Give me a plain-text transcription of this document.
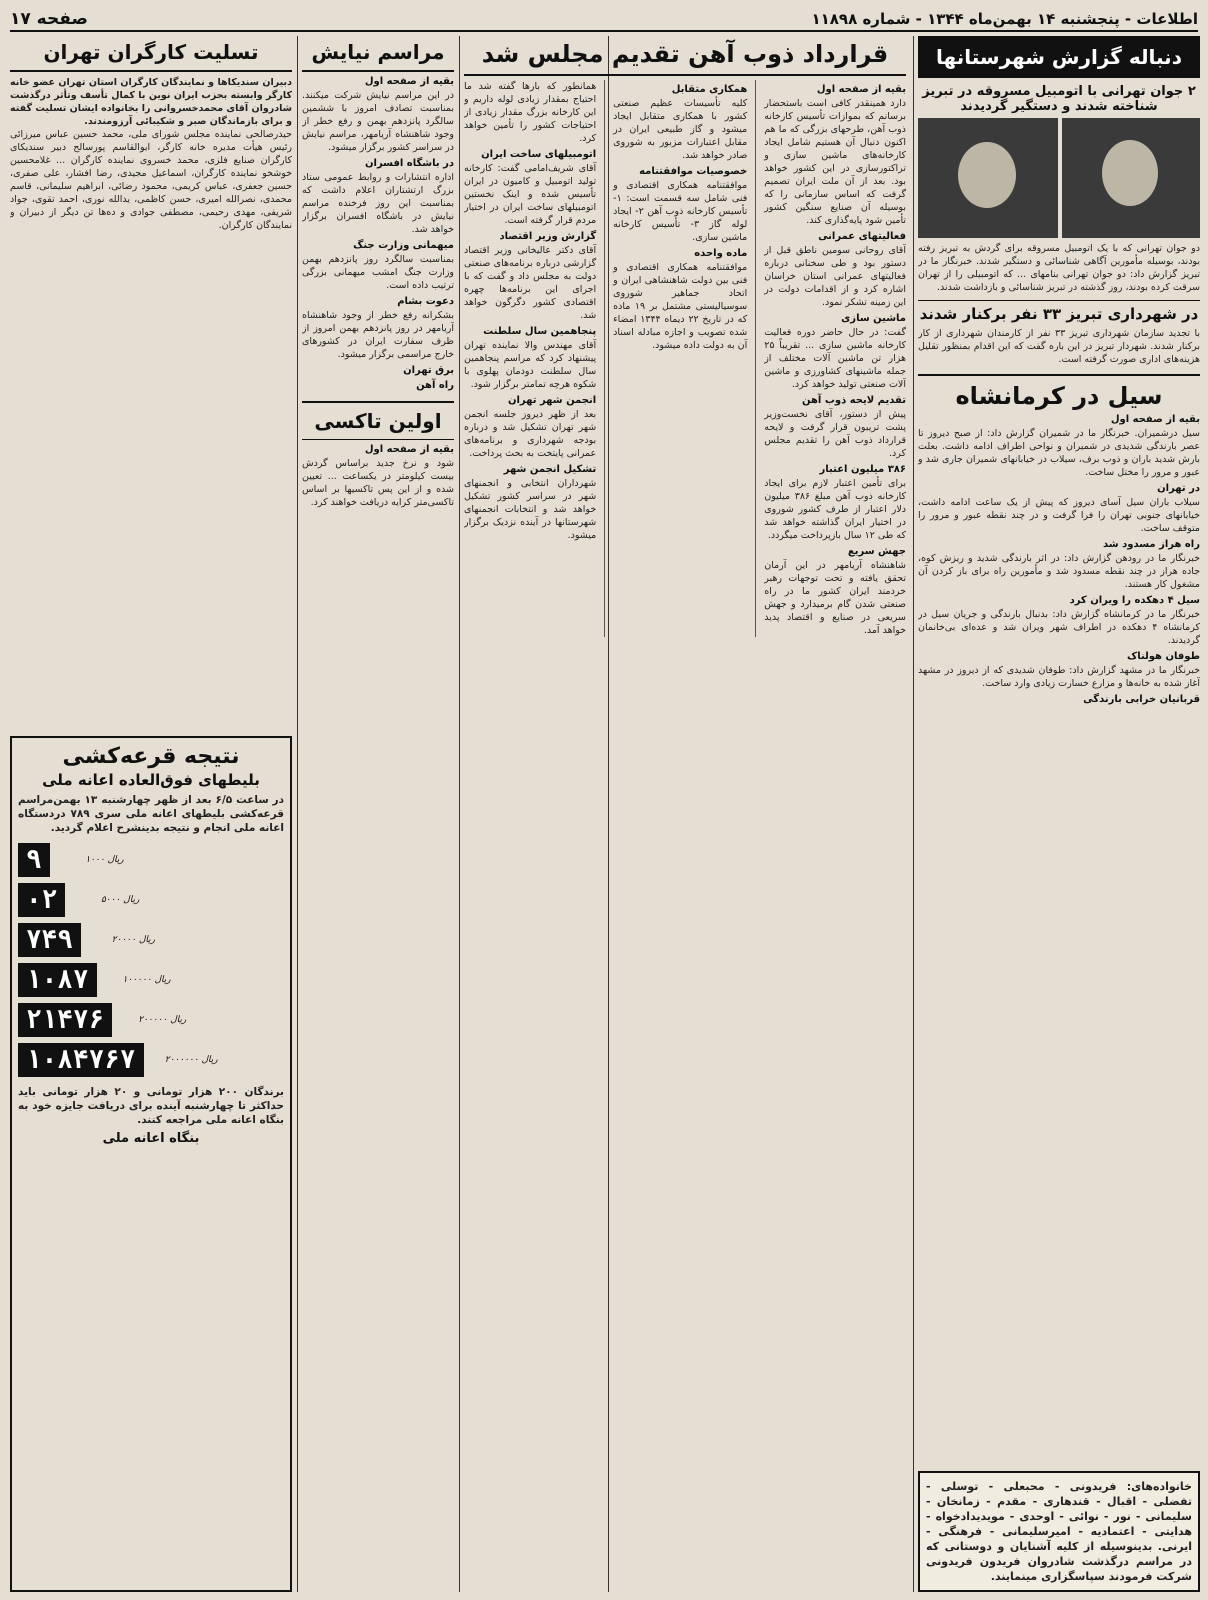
اطلاعات - پنجشنبه ۱۴ بهمن‌ماه ۱۳۴۴ - شماره ۱۱۸۹۸
صفحه ۱۷
دنباله گزارش شهرستانها
۲ جوان تهرانی با اتومبیل مسروقه در تبریز شناخته شدند و دستگیر گردیدند
دو جوان تهرانی که با یک اتومبیل مسروقه برای گردش به تبریز رفته بودند، بوسیله مأمورین آگاهی شناسائی و دستگیر شدند. خبرنگار ما در تبریز گزارش داد: دو جوان تهرانی بنامهای ... که اتومبیلی را از تهران سرقت کرده بودند، روز گذشته در تبریز شناسائی و بازداشت شدند.
در شهرداری تبریز ۳۳ نفر برکنار شدند
با تجدید سازمان شهرداری تبریز ۳۳ نفر از کارمندان شهرداری از کار برکنار شدند. شهردار تبریز در این باره گفت که این اقدام بمنظور تقلیل هزینه‌های اداری صورت گرفته است.
سیل در کرمانشاه
بقیه از صفحه اول
سیل درشمیران. خبرنگار ما در شمیران گزارش داد: از صبح دیروز تا عصر بارندگی شدیدی در شمیران و نواحی اطراف ادامه داشت. بعلت بارش شدید باران و ذوب برف، سیلاب در خیابانهای شمیران جاری شد و عبور و مرور را مختل ساخت.
در تهران
سیلاب باران سیل آسای دیروز که پیش از یک ساعت ادامه داشت، خیابانهای جنوبی تهران را فرا گرفت و در چند نقطه عبور و مرور را متوقف ساخت.
راه هراز مسدود شد
خبرنگار ما در رودهن گزارش داد: در اثر بارندگی شدید و ریزش کوه، جاده هراز در چند نقطه مسدود شد و مأمورین راه برای باز کردن آن مشغول کار هستند.
سیل ۴ دهکده را ویران کرد
خبرنگار ما در کرمانشاه گزارش داد: بدنبال بارندگی و جریان سیل در کرمانشاه ۴ دهکده در اطراف شهر ویران شد و عده‌ای بی‌خانمان گردیدند.
طوفان هولناک
خبرنگار ما در مشهد گزارش داد: طوفان شدیدی که از دیروز در مشهد آغاز شده به خانه‌ها و مزارع خسارت زیادی وارد ساخت.
قربانیان خرابی بارندگی
خانواده‌های: فریدونی - محبعلی - توسلی - تفضلی - اقبال - قندهاری - مقدم - زمانخان - سلیمانی - نور - نوائی - اوحدی - مویدیدادخواه - هدایتی - اعتمادیه - امیرسلیمانی - فرهنگی - ایرنی. بدینوسیله از کلیه آشنایان و دوستانی که در مراسم درگذشت شادروان فریدون فریدونی شرکت فرمودند سپاسگزاری مینمایند.
قرارداد ذوب آهن تقدیم مجلس شد
بقیه از صفحه اول
دارد همینقدر کافی است باستحضار برسانم که بموازات تأسیس کارخانه ذوب آهن، طرحهای بزرگی که ما هم اکنون دنبال آن هستیم شامل ایجاد کارخانه‌های ماشین سازی و تراکتورسازی در این کشور خواهد بود. بعد از آن ملت ایران تصمیم گرفت که اساس سازمانی را که بوسیله آن صنایع سنگین کشور تأمین شود پایه‌گذاری کند.
فعالیتهای عمرانی
آقای روحانی سومین ناطق قبل از دستور بود و طی سخنانی درباره فعالیتهای عمرانی استان خراسان اشاره کرد و از اقدامات دولت در این زمینه تشکر نمود.
ماشین سازی
گفت: در حال حاضر دوره فعالیت کارخانه ماشین سازی ... تقریباً ۲۵ هزار تن ماشین آلات مختلف از جمله ماشینهای کشاورزی و ماشین آلات صنعتی تولید خواهد کرد.
تقدیم لایحه ذوب آهن
پیش از دستور، آقای نخست‌وزیر پشت تریبون قرار گرفت و لایحه قرارداد ذوب آهن را تقدیم مجلس کرد.
۳۸۶ میلیون اعتبار
برای تأمین اعتبار لازم برای ایجاد کارخانه ذوب آهن مبلغ ۳۸۶ میلیون دلار اعتبار از طرف کشور شوروی در اختیار ایران گذاشته خواهد شد که طی ۱۲ سال بازپرداخت میگردد.
جهش سریع
شاهنشاه آریامهر در این آرمان تحقق یافته و تحت توجهات رهبر خردمند ایران کشور ما در راه صنعتی شدن گام برمیدارد و جهش سریعی در صنایع و اقتصاد پدید خواهد آمد.
همکاری متقابل
کلیه تأسیسات عظیم صنعتی کشور با همکاری متقابل ایجاد میشود و گاز طبیعی ایران در مقابل اعتبارات مزبور به شوروی صادر خواهد شد.
خصوصیات موافقتنامه
موافقتنامه همکاری اقتصادی و فنی شامل سه قسمت است: ۱- تأسیس کارخانه ذوب آهن ۲- ایجاد لوله گاز ۳- تأسیس کارخانه ماشین سازی.
ماده واحده
موافقتنامه همکاری اقتصادی و فنی بین دولت شاهنشاهی ایران و اتحاد جماهیر شوروی سوسیالیستی مشتمل بر ۱۹ ماده که در تاریخ ۲۲ دیماه ۱۳۴۴ امضاء شده تصویب و اجازه مبادله اسناد آن به دولت داده میشود.
همانطور که بارها گفته شد ما احتیاج بمقدار زیادی لوله داریم و این کارخانه بزرگ مقدار زیادی از احتیاجات کشور را تأمین خواهد کرد.
اتومبیلهای ساخت ایران
آقای شریف‌امامی گفت: کارخانه تولید اتومبیل و کامیون در ایران تأسیس شده و اینک نخستین اتومبیلهای ساخت ایران در اختیار مردم قرار گرفته است.
گزارش وزیر اقتصاد
آقای دکتر عالیخانی وزیر اقتصاد گزارشی درباره برنامه‌های صنعتی دولت به مجلس داد و گفت که با اجرای این برنامه‌ها چهره اقتصادی کشور دگرگون خواهد شد.
پنجاهمین سال سلطنت
آقای مهندس والا نماینده تهران پیشنهاد کرد که مراسم پنجاهمین سال سلطنت دودمان پهلوی با شکوه هرچه تمامتر برگزار شود.
انجمن شهر تهران
بعد از ظهر دیروز جلسه انجمن شهر تهران تشکیل شد و درباره بودجه شهرداری و برنامه‌های عمرانی پایتخت به بحث پرداخت.
تشکیل انجمن شهر
شهرداران انتخابی و انجمنهای شهر در سراسر کشور تشکیل خواهد شد و انتخابات انجمنهای شهرستانها در آینده نزدیک برگزار میشود.
مراسم نیایش
بقیه از صفحه اول
در این مراسم نیایش شرکت میکنند. بمناسبت تصادف امروز با ششمین سالگرد پانزدهم بهمن و رفع خطر از وجود شاهنشاه آریامهر، مراسم نیایش در سراسر کشور برگزار میشود.
در باشگاه افسران
اداره انتشارات و روابط عمومی ستاد بزرگ ارتشتاران اعلام داشت که بمناسبت این روز فرخنده مراسم نیایش در باشگاه افسران برگزار خواهد شد.
میهمانی وزارت جنگ
بمناسبت سالگرد روز پانزدهم بهمن وزارت جنگ امشب میهمانی بزرگی ترتیب داده است.
دعوت بشام
بشکرانه رفع خطر از وجود شاهنشاه آریامهر در روز پانزدهم بهمن امروز از ظرف سفارت ایران در کشورهای خارج مراسمی برگزار میشود.
برق تهران
راه آهن
اولین تاکسی
بقیه از صفحه اول
شود و نرخ جدید براساس گردش بیست کیلومتر در یکساعت ... تعیین شده و از این پس تاکسیها بر اساس تاکسی‌متر کرایه دریافت خواهند کرد.
تسلیت کارگران تهران
دبیران سندیکاها و نمایندگان کارگران استان تهران عضو خانه کارگر وابسته بحزب ایران نوین با کمال تأسف وتأثر درگذشت شادروان آقای محمدخسروانی را بخانواده ایشان تسلیت گفته و برای بازماندگان صبر و شکیبائی آرزومندند.
حیدرصالحی نماینده مجلس شورای ملی، محمد حسین عباس میرزائی رئیس هیأت مدیره خانه کارگر، ابوالقاسم پورسالح دبیر سندیکای کارگران صنایع فلزی، محمد خسروی نماینده کارگران ... غلامحسین خوشخو نماینده کارگران، اسماعیل مجیدی، رضا افشار، علی صفری، حسین جعفری، عباس کریمی، محمود رضائی، ابراهیم سلیمانی، قاسم محمدی، نصرالله امیری، حسن کاظمی، یدالله نوری، احمد تقوی، جواد شریفی، مهدی رحیمی، مصطفی جوادی و ده‌ها تن دیگر از دبیران و نمایندگان کارگران.
نتیجه قرعه‌کشی
بلیطهای فوق‌العاده اعانه ملی
در ساعت ۶/۵ بعد از ظهر چهارشنبه ۱۳ بهمن‌مراسم قرعه‌کشی بلیطهای اعانه ملی سری ۷۸۹ دردستگاه اعانه ملی انجام و نتیجه بدینشرح اعلام گردید.
۹	۱۰۰۰ ریال
۰۲	۵۰۰۰ ریال
۷۴۹	۲۰۰۰۰ ریال
۱۰۸۷	۱۰۰۰۰۰ ریال
۲۱۴۷۶	۲۰۰۰۰۰ ریال
۱۰۸۴۷۶۷	۲۰۰۰۰۰۰ ریال
برندگان ۲۰۰ هزار تومانی و ۲۰ هزار تومانی باید حداکثر تا چهارشنبه آینده برای دریافت جایزه خود به بنگاه اعانه ملی مراجعه کنند.
بنگاه اعانه ملی
